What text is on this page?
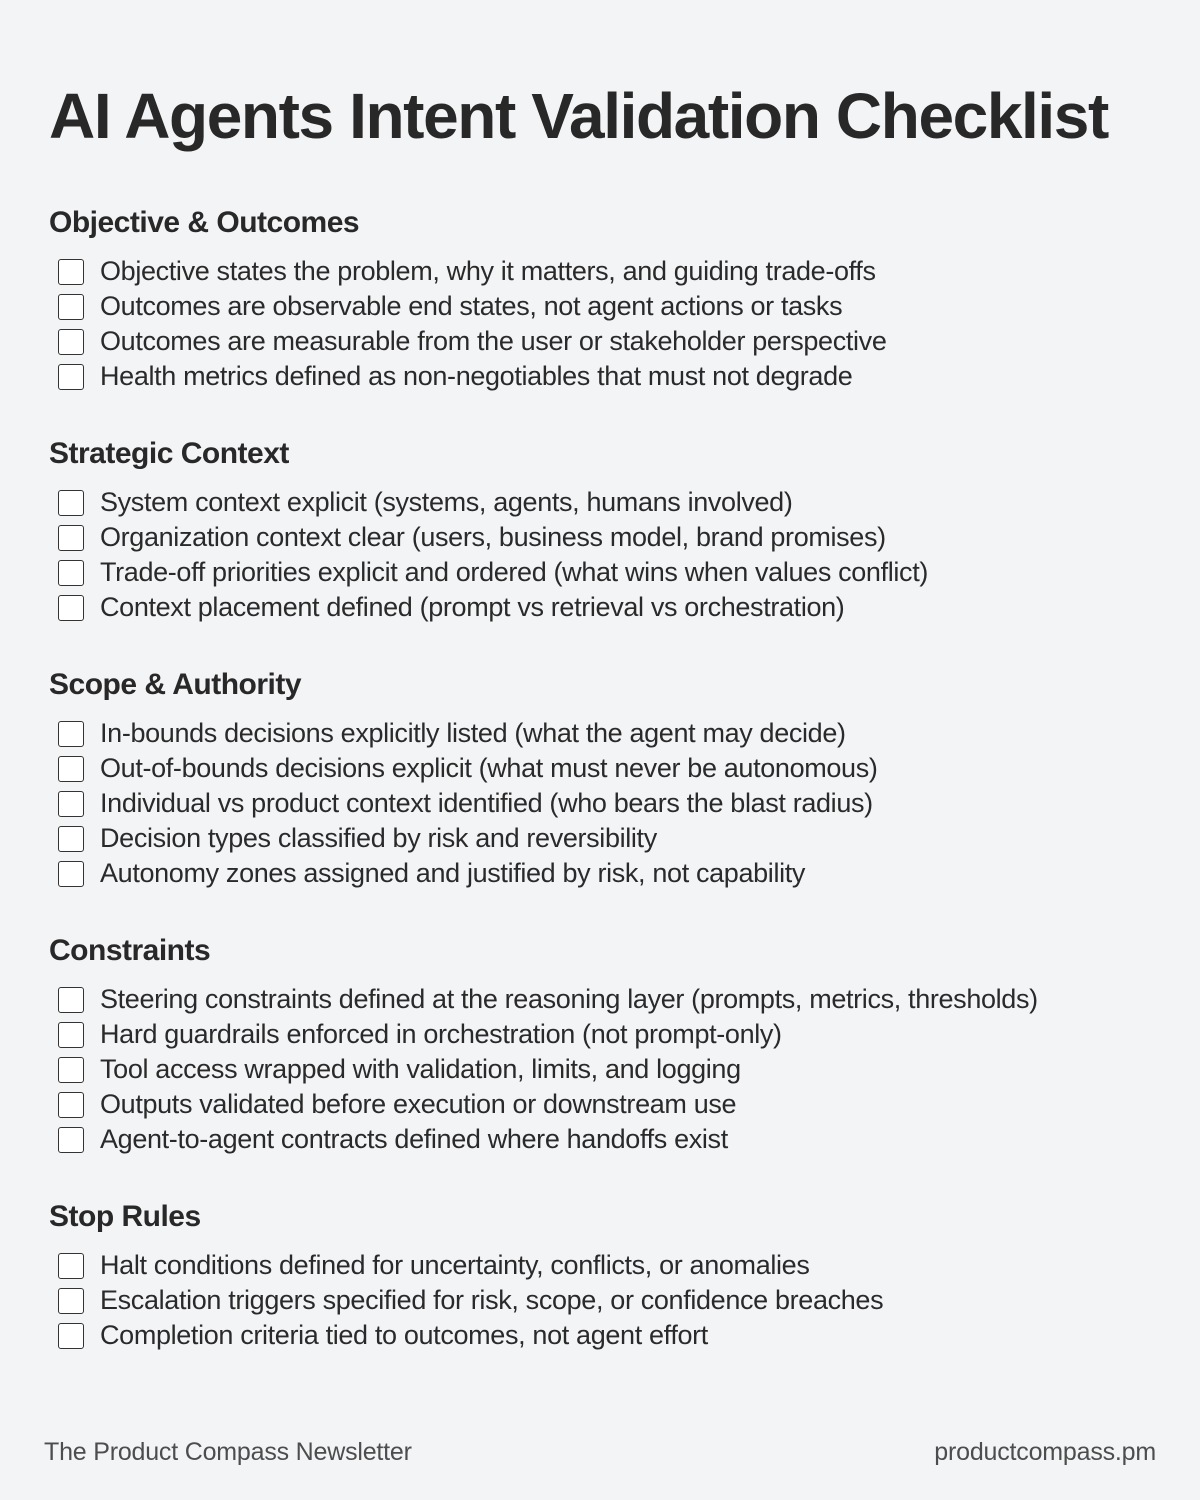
AI Agents Intent Validation Checklist
Objective & Outcomes
Objective states the problem, why it matters, and guiding trade-offs
Outcomes are observable end states, not agent actions or tasks
Outcomes are measurable from the user or stakeholder perspective
Health metrics defined as non-negotiables that must not degrade
Strategic Context
System context explicit (systems, agents, humans involved)
Organization context clear (users, business model, brand promises)
Trade-off priorities explicit and ordered (what wins when values conflict)
Context placement defined (prompt vs retrieval vs orchestration)
Scope & Authority
In-bounds decisions explicitly listed (what the agent may decide)
Out-of-bounds decisions explicit (what must never be autonomous)
Individual vs product context identified (who bears the blast radius)
Decision types classified by risk and reversibility
Autonomy zones assigned and justified by risk, not capability
Constraints
Steering constraints defined at the reasoning layer (prompts, metrics, thresholds)
Hard guardrails enforced in orchestration (not prompt-only)
Tool access wrapped with validation, limits, and logging
Outputs validated before execution or downstream use
Agent-to-agent contracts defined where handoffs exist
Stop Rules
Halt conditions defined for uncertainty, conflicts, or anomalies
Escalation triggers specified for risk, scope, or confidence breaches
Completion criteria tied to outcomes, not agent effort
The Product Compass Newsletter	productcompass.pm
